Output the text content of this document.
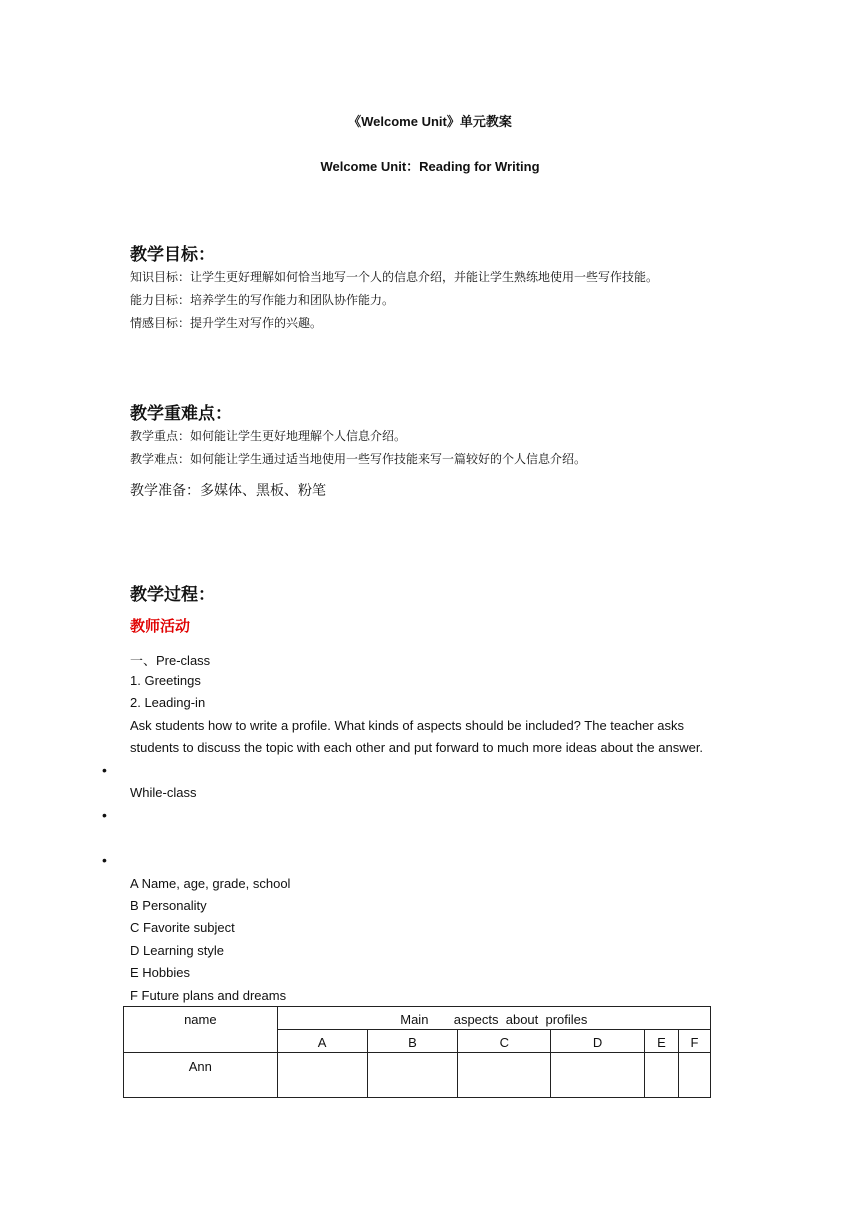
《Welcome Unit》单元教案
Welcome Unit：Reading for Writing
教学目标：
知识目标：让学生更好理解如何恰当地写一个人的信息介绍，并能让学生熟练地使用一些写作技能。
能力目标：培养学生的写作能力和团队协作能力。
情感目标：提升学生对写作的兴趣。
教学重难点：
教学重点：如何能让学生更好地理解个人信息介绍。
教学难点：如何能让学生通过适当地使用一些写作技能来写一篇较好的个人信息介绍。
教学准备：多媒体、黑板、粉笔
教学过程：
教师活动
一、Pre-class
1. Greetings
2. Leading-in
Ask students how to write a profile. What kinds of aspects should be included? The teacher asks
students to discuss the topic with each other and put forward to much more ideas about the answer.
•
While-class
•
•
A Name, age, grade, school
B Personality
C Favorite subject
D Learning style
E Hobbies
F Future plans and dreams
name	Main       aspects  about  profiles					
	A	B	C	D	E	F
Ann						
